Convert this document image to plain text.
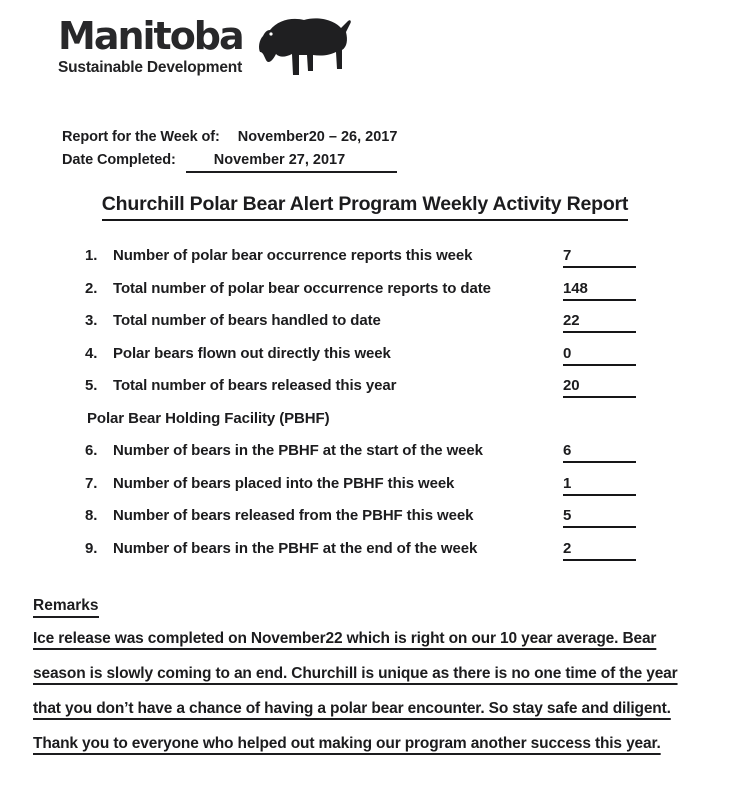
Manitoba
Sustainable Development
Report for the Week of: November20 – 26, 2017
Date Completed:	November 27, 2017
Churchill Polar Bear Alert Program Weekly Activity Report
1. Number of polar bear occurrence reports this week	7
2. Total number of polar bear occurrence reports to date	148
3. Total number of bears handled to date	22
4. Polar bears flown out directly this week	0
5. Total number of bears released this year	20
Polar Bear Holding Facility (PBHF)
6. Number of bears in the PBHF at the start of the week	6
7. Number of bears placed into the PBHF this week	1
8. Number of bears released from the PBHF this week	5
9. Number of bears in the PBHF at the end of the week	2
Remarks
Ice release was completed on November22 which is right on our 10 year average. Bear
season is slowly coming to an end. Churchill is unique as there is no one time of the year
that you don’t have a chance of having a polar bear encounter. So stay safe and diligent.
Thank you to everyone who helped out making our program another success this year.
